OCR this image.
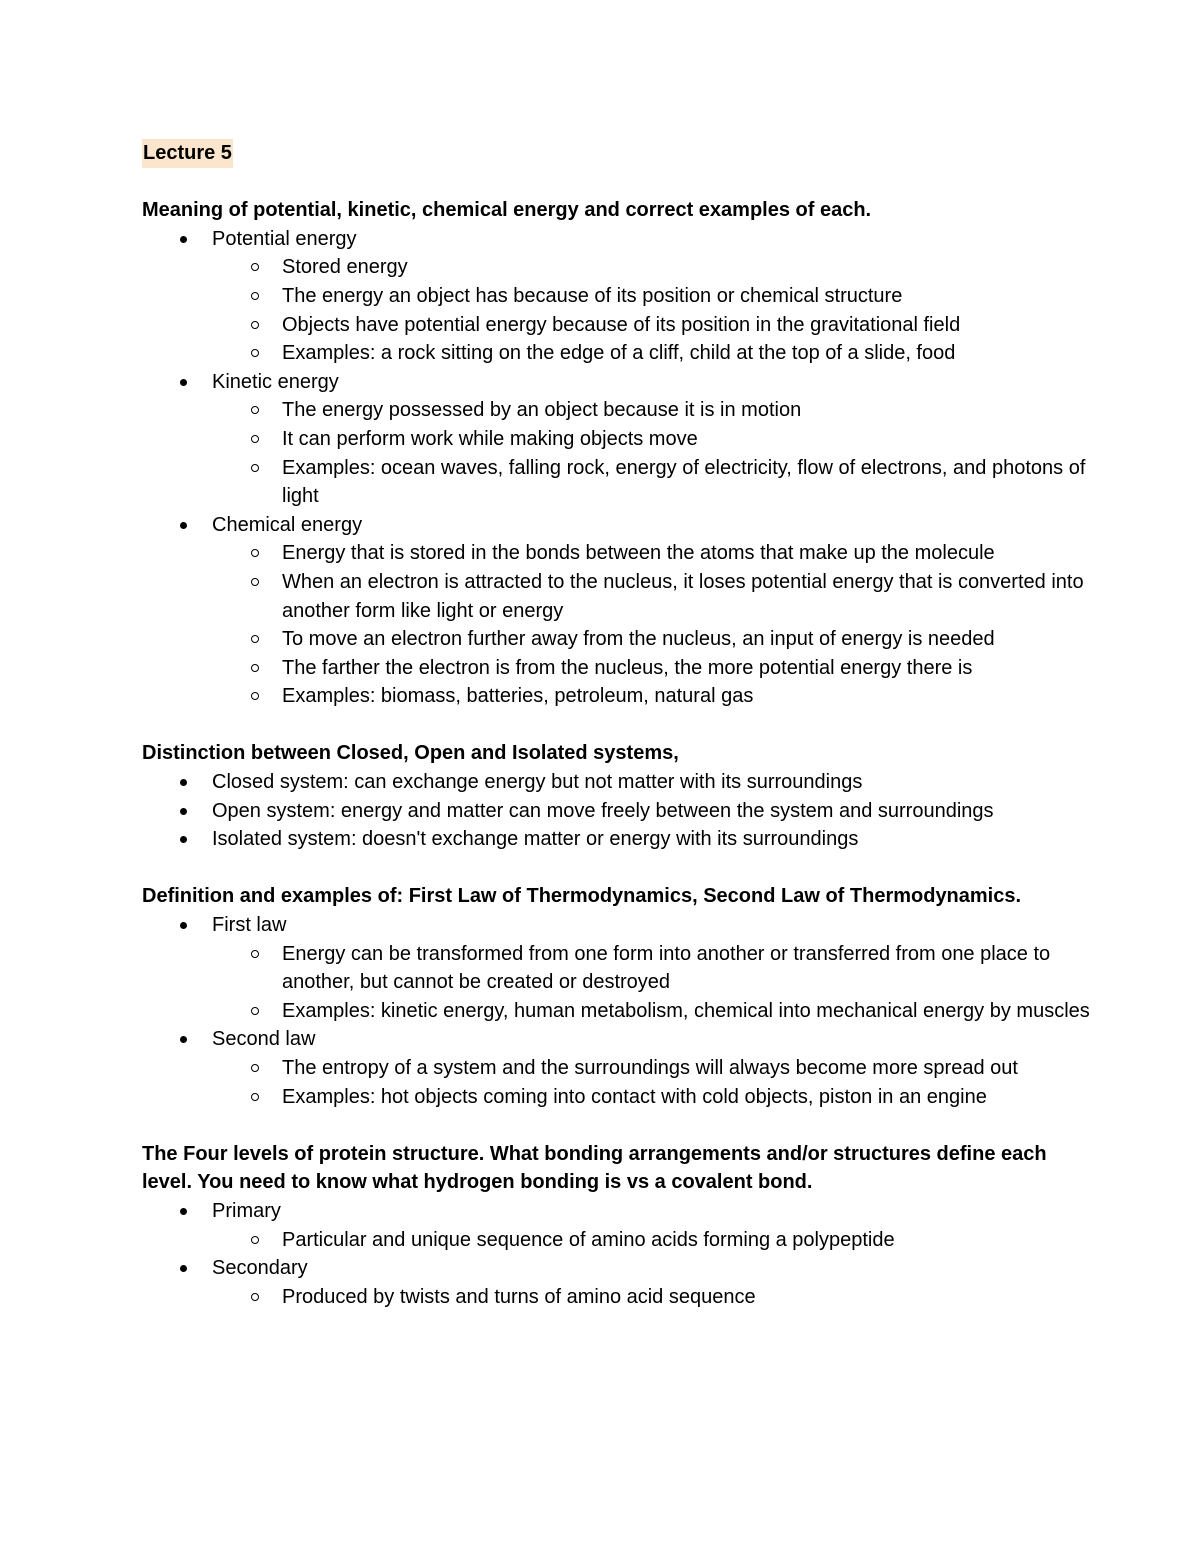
Lecture 5
Meaning of potential, kinetic, chemical energy and correct examples of each.
Potential energy
Stored energy
The energy an object has because of its position or chemical structure
Objects have potential energy because of its position in the gravitational field
Examples: a rock sitting on the edge of a cliff, child at the top of a slide, food
Kinetic energy
The energy possessed by an object because it is in motion
It can perform work while making objects move
Examples: ocean waves, falling rock, energy of electricity, flow of electrons, and photons of light
Chemical energy
Energy that is stored in the bonds between the atoms that make up the molecule
When an electron is attracted to the nucleus, it loses potential energy that is converted into another form like light or energy
To move an electron further away from the nucleus, an input of energy is needed
The farther the electron is from the nucleus, the more potential energy there is
Examples: biomass, batteries, petroleum, natural gas
Distinction between Closed, Open and Isolated systems,
Closed system: can exchange energy but not matter with its surroundings
Open system: energy and matter can move freely between the system and surroundings
Isolated system: doesn't exchange matter or energy with its surroundings
Definition and examples of: First Law of Thermodynamics, Second Law of Thermodynamics.
First law
Energy can be transformed from one form into another or transferred from one place to another, but cannot be created or destroyed
Examples: kinetic energy, human metabolism, chemical into mechanical energy by muscles
Second law
The entropy of a system and the surroundings will always become more spread out
Examples: hot objects coming into contact with cold objects, piston in an engine
The Four levels of protein structure. What bonding arrangements and/or structures define each level. You need to know what hydrogen bonding is vs a covalent bond.
Primary
Particular and unique sequence of amino acids forming a polypeptide
Secondary
Produced by twists and turns of amino acid sequence
